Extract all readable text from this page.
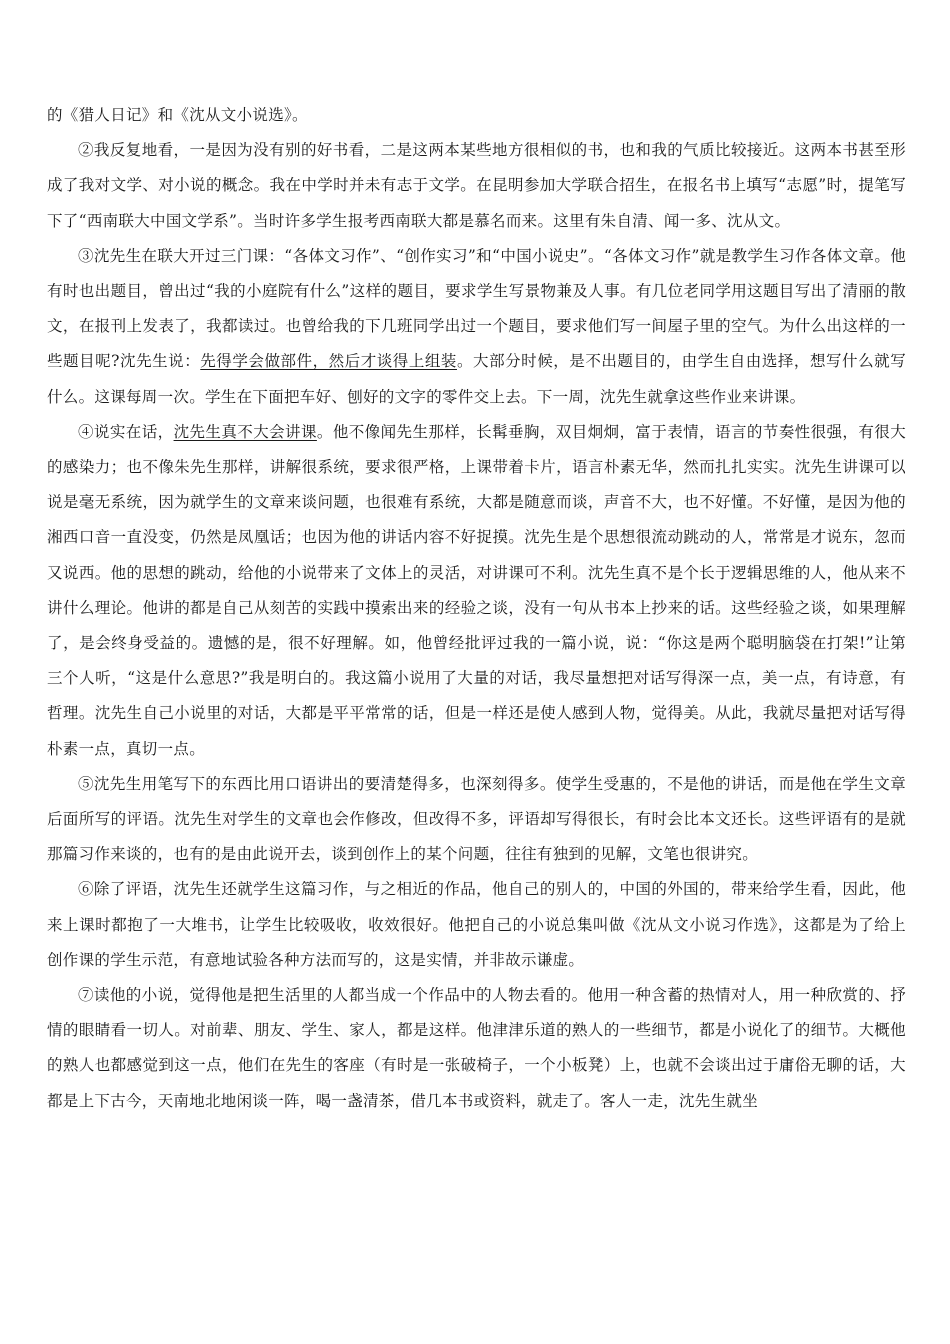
的《猎人日记》和《沈从文小说选》。

②我反复地看，一是因为没有别的好书看，二是这两本某些地方很相似的书，也和我的气质比较接近。这两本书甚至形成了我对文学、对小说的概念。我在中学时并未有志于文学。在昆明参加大学联合招生，在报名书上填写“志愿”时，提笔写下了“西南联大中国文学系”。当时许多学生报考西南联大都是慕名而来。这里有朱自清、闻一多、沈从文。

③沈先生在联大开过三门课：“各体文习作”、“创作实习”和“中国小说史”。“各体文习作”就是教学生习作各体文章。他有时也出题目，曾出过“我的小庭院有什么”这样的题目，要求学生写景物兼及人事。有几位老同学用这题目写出了清丽的散文，在报刊上发表了，我都读过。也曾给我的下几班同学出过一个题目，要求他们写一间屋子里的空气。为什么出这样的一些题目呢?沈先生说：先得学会做部件，然后才谈得上组装。大部分时候，是不出题目的，由学生自由选择，想写什么就写什么。这课每周一次。学生在下面把车好、刨好的文字的零件交上去。下一周，沈先生就拿这些作业来讲课。

④说实在话，沈先生真不大会讲课。他不像闻先生那样，长髯垂胸，双目炯炯，富于表情，语言的节奏性很强，有很大的感染力；也不像朱先生那样，讲解很系统，要求很严格，上课带着卡片，语言朴素无华，然而扎扎实实。沈先生讲课可以说是毫无系统，因为就学生的文章来谈问题，也很难有系统，大都是随意而谈，声音不大，也不好懂。不好懂，是因为他的湘西口音一直没变，仍然是凤凰话；也因为他的讲话内容不好捉摸。沈先生是个思想很流动跳动的人，常常是才说东，忽而又说西。他的思想的跳动，给他的小说带来了文体上的灵活，对讲课可不利。沈先生真不是个长于逻辑思维的人，他从来不讲什么理论。他讲的都是自己从刻苦的实践中摸索出来的经验之谈，没有一句从书本上抄来的话。这些经验之谈，如果理解了，是会终身受益的。遗憾的是，很不好理解。如，他曾经批评过我的一篇小说，说：“你这是两个聪明脑袋在打架!”让第三个人听，“这是什么意思?”我是明白的。我这篇小说用了大量的对话，我尽量想把对话写得深一点，美一点，有诗意，有哲理。沈先生自己小说里的对话，大都是平平常常的话，但是一样还是使人感到人物，觉得美。从此，我就尽量把对话写得朴素一点，真切一点。

⑤沈先生用笔写下的东西比用口语讲出的要清楚得多，也深刻得多。使学生受惠的，不是他的讲话，而是他在学生文章后面所写的评语。沈先生对学生的文章也会作修改，但改得不多，评语却写得很长，有时会比本文还长。这些评语有的是就那篇习作来谈的，也有的是由此说开去，谈到创作上的某个问题，往往有独到的见解，文笔也很讲究。

⑥除了评语，沈先生还就学生这篇习作，与之相近的作品，他自己的别人的，中国的外国的，带来给学生看，因此，他来上课时都抱了一大堆书，让学生比较吸收，收效很好。他把自己的小说总集叫做《沈从文小说习作选》，这都是为了给上创作课的学生示范，有意地试验各种方法而写的，这是实情，并非故示谦虚。

⑦读他的小说，觉得他是把生活里的人都当成一个作品中的人物去看的。他用一种含蓄的热情对人，用一种欣赏的、抒情的眼睛看一切人。对前辈、朋友、学生、家人，都是这样。他津津乐道的熟人的一些细节，都是小说化了的细节。大概他的熟人也都感觉到这一点，他们在先生的客座（有时是一张破椅子，一个小板凳）上，也就不会谈出过于庸俗无聊的话，大都是上下古今，天南地北地闲谈一阵，喝一盏清茶，借几本书或资料，就走了。客人一走，沈先生就坐
